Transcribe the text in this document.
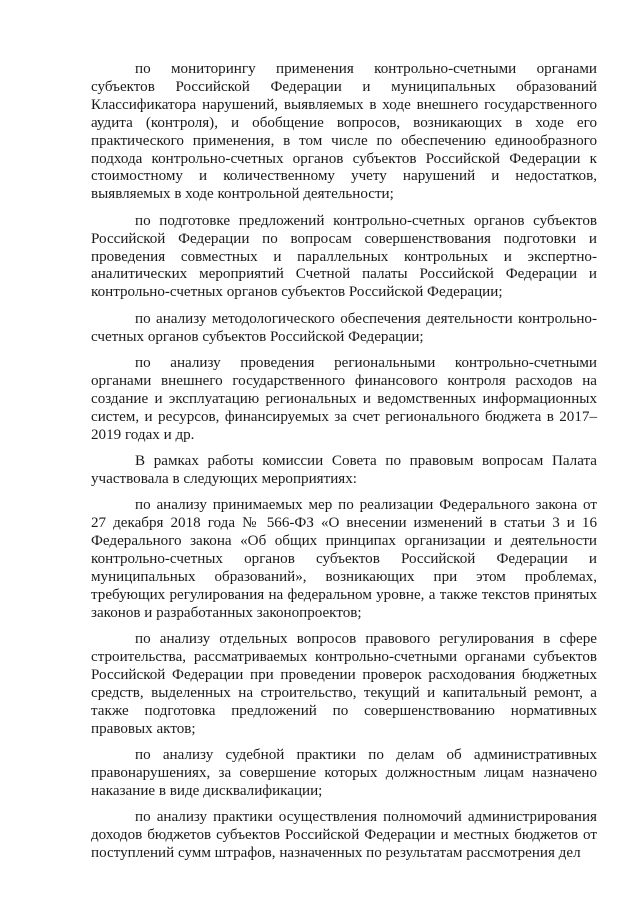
по мониторингу применения контрольно-счетными органами субъектов Российской Федерации и муниципальных образований Классификатора нарушений, выявляемых в ходе внешнего государственного аудита (контроля), и обобщение вопросов, возникающих в ходе его практического применения, в том числе по обеспечению единообразного подхода контрольно-счетных органов субъектов Российской Федерации к стоимостному и количественному учету нарушений и недостатков, выявляемых в ходе контрольной деятельности;

по подготовке предложений контрольно-счетных органов субъектов Российской Федерации по вопросам совершенствования подготовки и проведения совместных и параллельных контрольных и экспертно-аналитических мероприятий Счетной палаты Российской Федерации и контрольно-счетных органов субъектов Российской Федерации;

по анализу методологического обеспечения деятельности контрольно-счетных органов субъектов Российской Федерации;

по анализу проведения региональными контрольно-счетными органами внешнего государственного финансового контроля расходов на создание и эксплуатацию региональных и ведомственных информационных систем, и ресурсов, финансируемых за счет регионального бюджета в 2017–2019 годах и др.

В рамках работы комиссии Совета по правовым вопросам Палата участвовала в следующих мероприятиях:

по анализу принимаемых мер по реализации Федерального закона от 27 декабря 2018 года № 566-ФЗ «О внесении изменений в статьи 3 и 16 Федерального закона «Об общих принципах организации и деятельности контрольно-счетных органов субъектов Российской Федерации и муниципальных образований», возникающих при этом проблемах, требующих регулирования на федеральном уровне, а также текстов принятых законов и разработанных законопроектов;

по анализу отдельных вопросов правового регулирования в сфере строительства, рассматриваемых контрольно-счетными органами субъектов Российской Федерации при проведении проверок расходования бюджетных средств, выделенных на строительство, текущий и капитальный ремонт, а также подготовка предложений по совершенствованию нормативных правовых актов;

по анализу судебной практики по делам об административных правонарушениях, за совершение которых должностным лицам назначено наказание в виде дисквалификации;

по анализу практики осуществления полномочий администрирования доходов бюджетов субъектов Российской Федерации и местных бюджетов от поступлений сумм штрафов, назначенных по результатам рассмотрения дел
